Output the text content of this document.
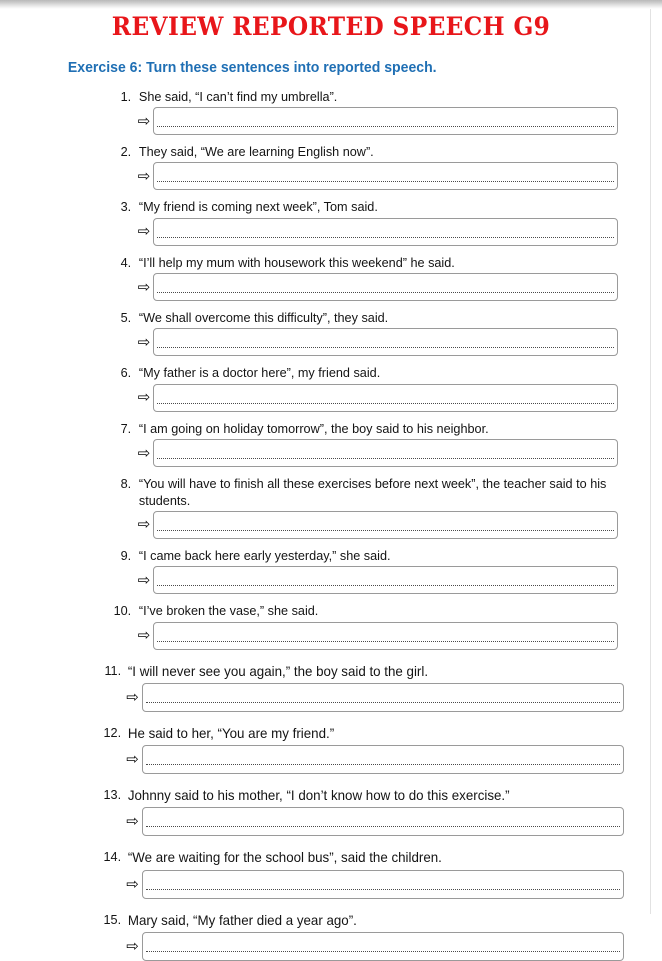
REVIEW REPORTED SPEECH G9
Exercise 6: Turn these sentences into reported speech.
1. She said, “I can’t find my umbrella”.
⇨
2. They said, “We are learning English now”.
⇨
3. “My friend is coming next week”, Tom said.
⇨
4. “I’ll help my mum with housework this weekend” he said.
⇨
5. “We shall overcome this difficulty”, they said.
⇨
6. “My father is a doctor here”, my friend said.
⇨
7. “I am going on holiday tomorrow”, the boy said to his neighbor.
⇨
8. “You will have to finish all these exercises before next week”, the teacher said to his students.
⇨
9. “I came back here early yesterday,” she said.
⇨
10. “I’ve broken the vase,” she said.
⇨
11. “I will never see you again,” the boy said to the girl.
⇨
12. He said to her, “You are my friend.”
⇨
13. Johnny said to his mother, “I don’t know how to do this exercise.”
⇨
14. “We are waiting for the school bus”, said the children.
⇨
15. Mary said, “My father died a year ago”.
⇨
